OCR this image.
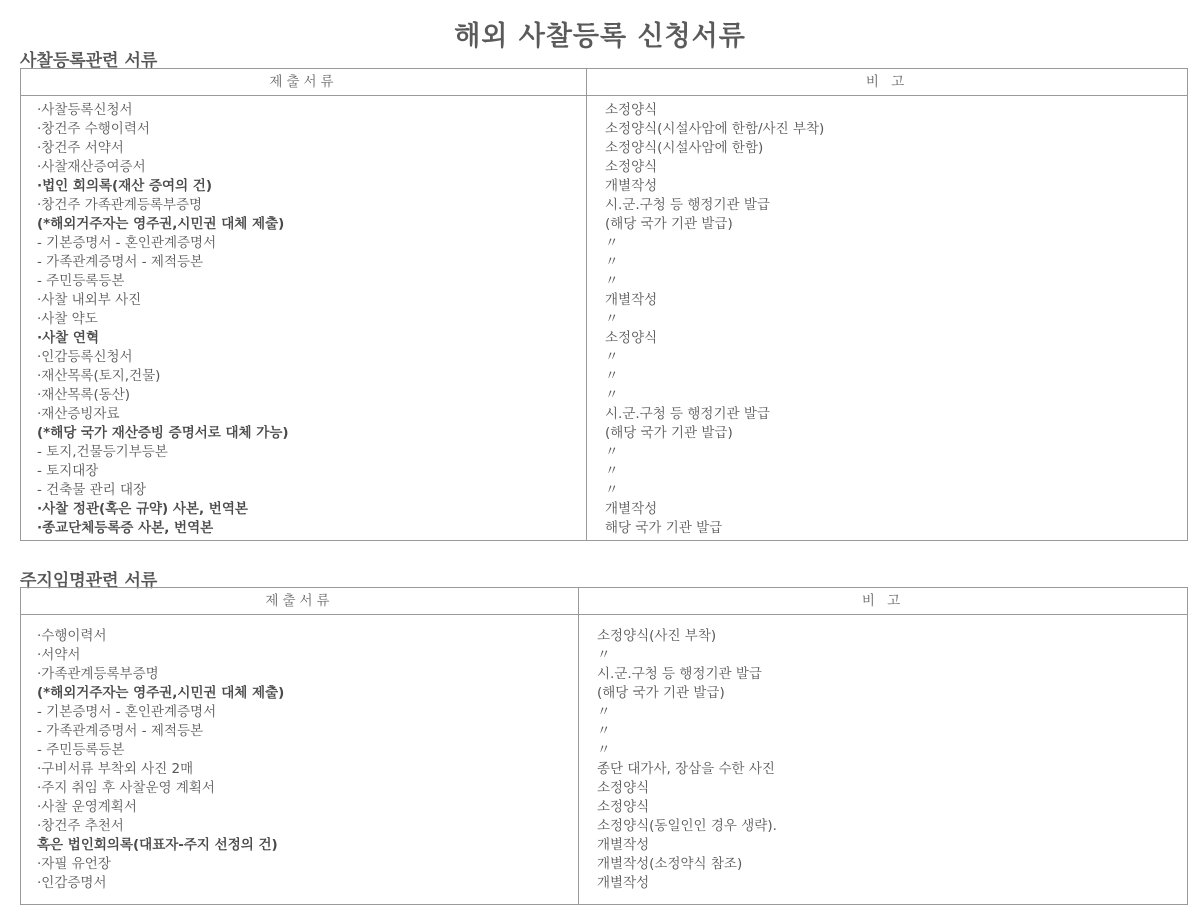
해외 사찰등록 신청서류
사찰등록관련 서류
제출서류	비 고
·사찰등록신청서
·창건주 수행이력서
·창건주 서약서
·사찰재산증여증서
·법인 회의록(재산 증여의 건)
·창건주 가족관계등록부증명
(*해외거주자는 영주권,시민권 대체 제출)
- 기본증명서 - 혼인관계증명서
- 가족관계증명서 - 제적등본
- 주민등록등본
·사찰 내외부 사진
·사찰 약도
·사찰 연혁
·인감등록신청서
·재산목록(토지,건물)
·재산목록(동산)
·재산증빙자료
(*해당 국가 재산증빙 증명서로 대체 가능)
- 토지,건물등기부등본
- 토지대장
- 건축물 관리 대장
·사찰 정관(혹은 규약) 사본, 번역본
·종교단체등록증 사본, 번역본
소정양식
소정양식(시설사암에 한함/사진 부착)
소정양식(시설사암에 한함)
소정양식
개별작성
시.군.구청 등 행정기관 발급
(해당 국가 기관 발급)
〃
〃
〃
개별작성
〃
소정양식
〃
〃
〃
시.군.구청 등 행정기관 발급
(해당 국가 기관 발급)
〃
〃
〃
개별작성
해당 국가 기관 발급
주지임명관련 서류
제출서류	비 고
·수행이력서
·서약서
·가족관계등록부증명
(*해외거주자는 영주권,시민권 대체 제출)
- 기본증명서 - 혼인관계증명서
- 가족관계증명서 - 제적등본
- 주민등록등본
·구비서류 부착외 사진 2매
·주지 취임 후 사찰운영 계획서
·사찰 운영계획서
·창건주 추천서
혹은 법인회의록(대표자-주지 선정의 건)
·자필 유언장
·인감증명서
소정양식(사진 부착)
〃
시.군.구청 등 행정기관 발급
(해당 국가 기관 발급)
〃
〃
〃
종단 대가사, 장삼을 수한 사진
소정양식
소정양식
소정양식(동일인인 경우 생략).
개별작성
개별작성(소정약식 참조)
개별작성
